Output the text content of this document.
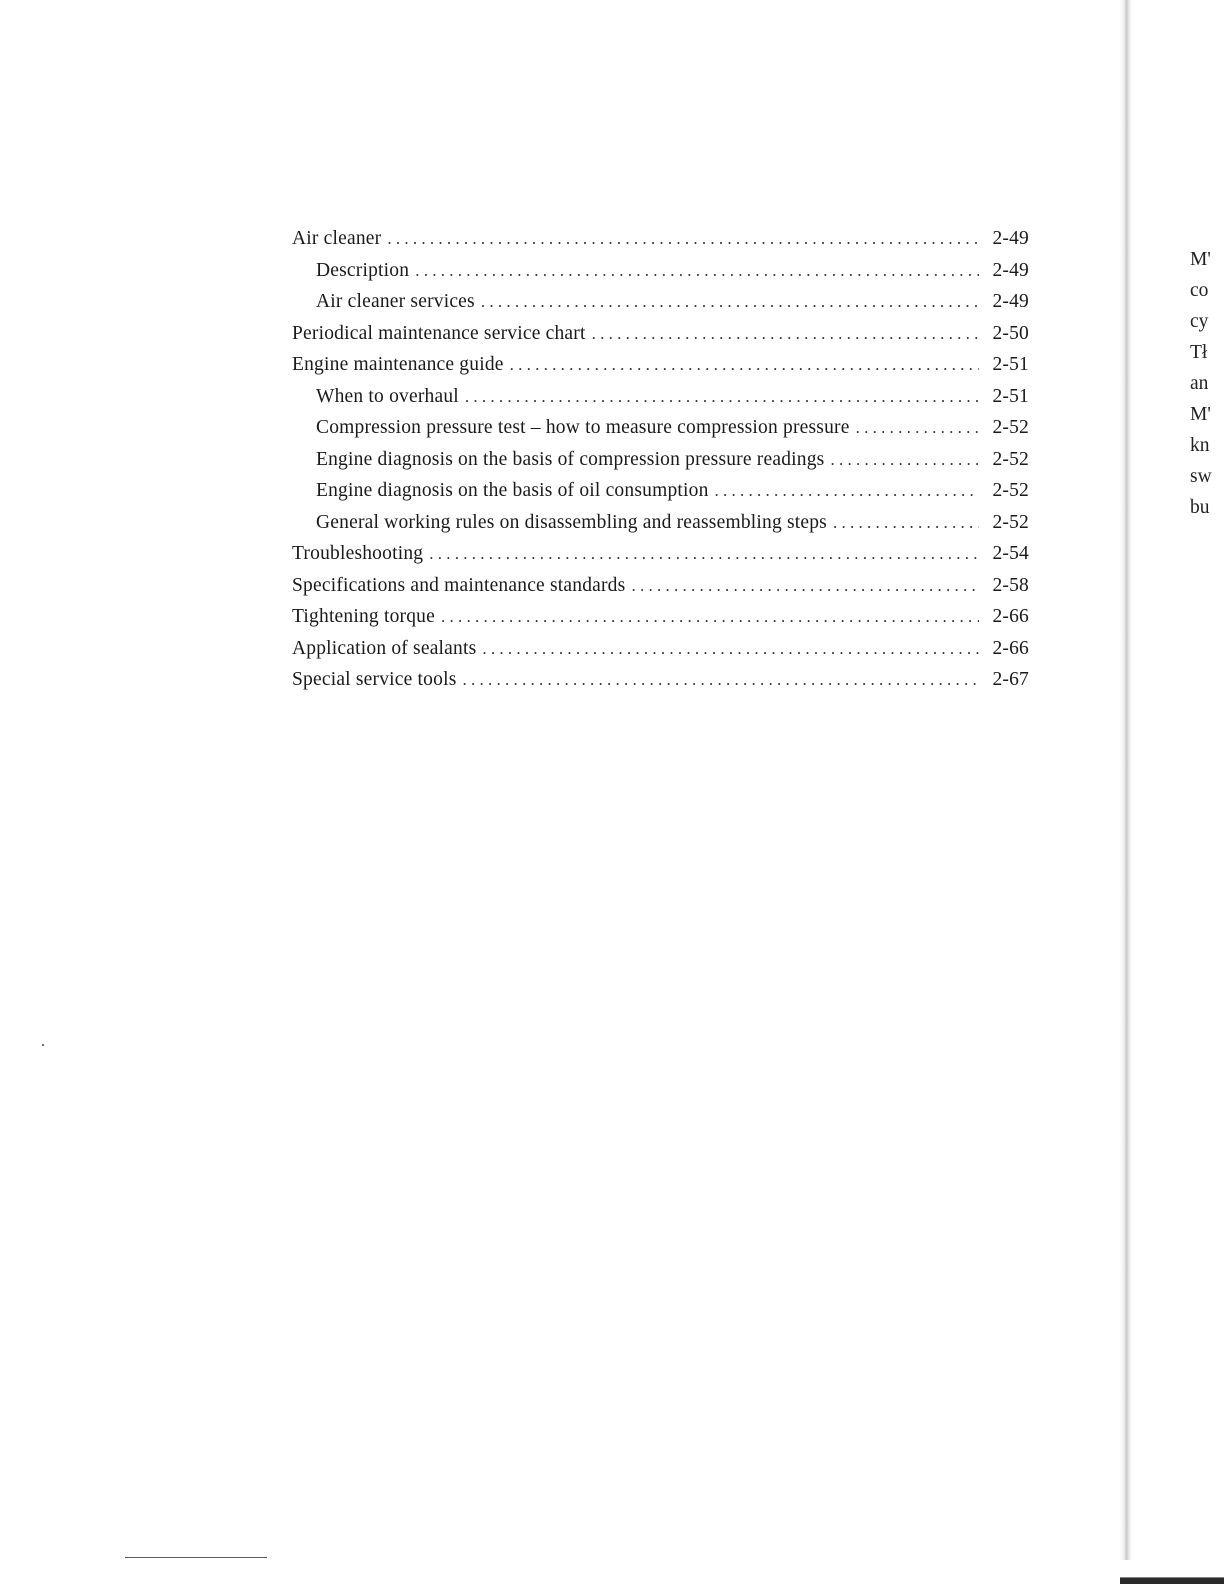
Air cleaner . . .	2-49
Description . . .	2-49
Air cleaner services . . .	2-49
Periodical maintenance service chart . . .	2-50
Engine maintenance guide . . .	2-51
When to overhaul . . .	2-51
Compression pressure test – how to measure compression pressure . . .	2-52
Engine diagnosis on the basis of compression pressure readings . . .	2-52
Engine diagnosis on the basis of oil consumption . . .	2-52
General working rules on disassembling and reassembling steps . . .	2-52
Troubleshooting . . .	2-54
Specifications and maintenance standards . . .	2-58
Tightening torque . . .	2-66
Application of sealants . . .	2-66
Special service tools . . .	2-67
M'
co
cy
Tł
an
M'
kn
sw
bu
